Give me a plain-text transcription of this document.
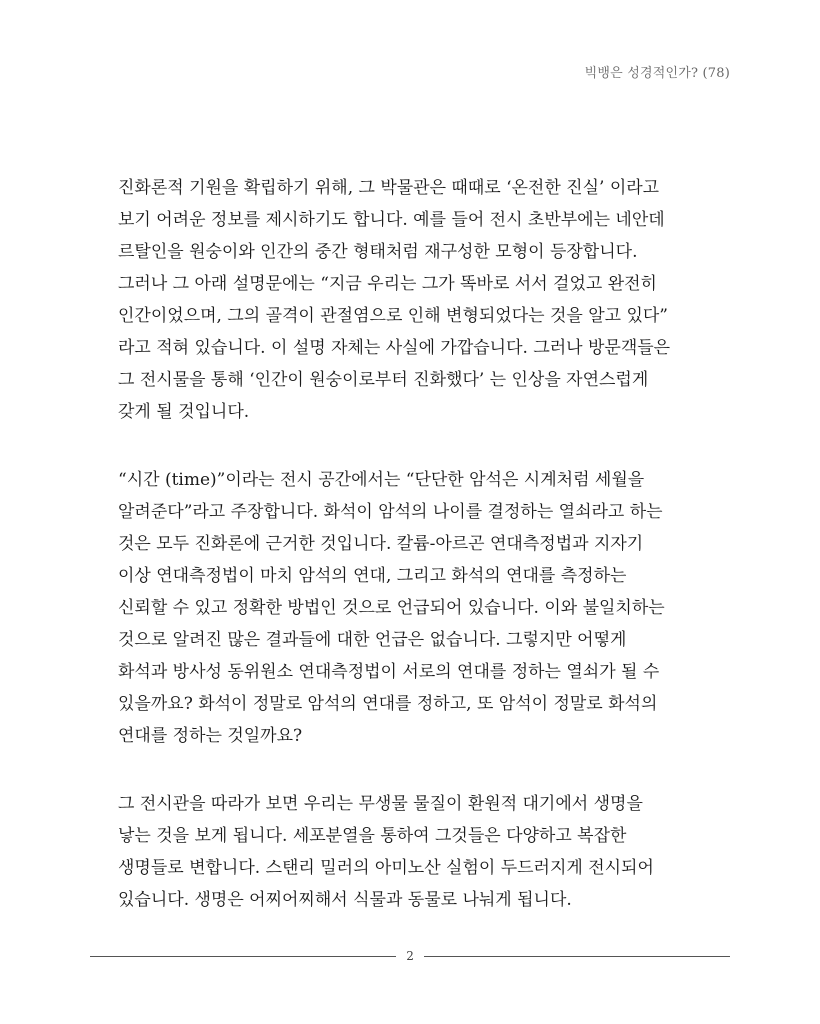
빅뱅은 성경적인가? (78)
진화론적 기원을 확립하기 위해, 그 박물관은 때때로 ‘온전한 진실’ 이라고
보기 어려운 정보를 제시하기도 합니다. 예를 들어 전시 초반부에는 네안데
르탈인을 원숭이와 인간의 중간 형태처럼 재구성한 모형이 등장합니다.
그러나 그 아래 설명문에는 “지금 우리는 그가 똑바로 서서 걸었고 완전히
인간이었으며, 그의 골격이 관절염으로 인해 변형되었다는 것을 알고 있다”
라고 적혀 있습니다. 이 설명 자체는 사실에 가깝습니다. 그러나 방문객들은
그 전시물을 통해 ‘인간이 원숭이로부터 진화했다’ 는 인상을 자연스럽게
갖게 될 것입니다.
“시간 (time)”이라는 전시 공간에서는 “단단한 암석은 시계처럼 세월을
알려준다”라고 주장합니다. 화석이 암석의 나이를 결정하는 열쇠라고 하는
것은 모두 진화론에 근거한 것입니다. 칼륨-아르곤 연대측정법과 지자기
이상 연대측정법이 마치 암석의 연대, 그리고 화석의 연대를 측정하는
신뢰할 수 있고 정확한 방법인 것으로 언급되어 있습니다. 이와 불일치하는
것으로 알려진 많은 결과들에 대한 언급은 없습니다. 그렇지만 어떻게
화석과 방사성 동위원소 연대측정법이 서로의 연대를 정하는 열쇠가 될 수
있을까요? 화석이 정말로 암석의 연대를 정하고, 또 암석이 정말로 화석의
연대를 정하는 것일까요?
그 전시관을 따라가 보면 우리는 무생물 물질이 환원적 대기에서 생명을
낳는 것을 보게 됩니다. 세포분열을 통하여 그것들은 다양하고 복잡한
생명들로 변합니다. 스탠리 밀러의 아미노산 실험이 두드러지게 전시되어
있습니다. 생명은 어찌어찌해서 식물과 동물로 나눠게 됩니다.
2
